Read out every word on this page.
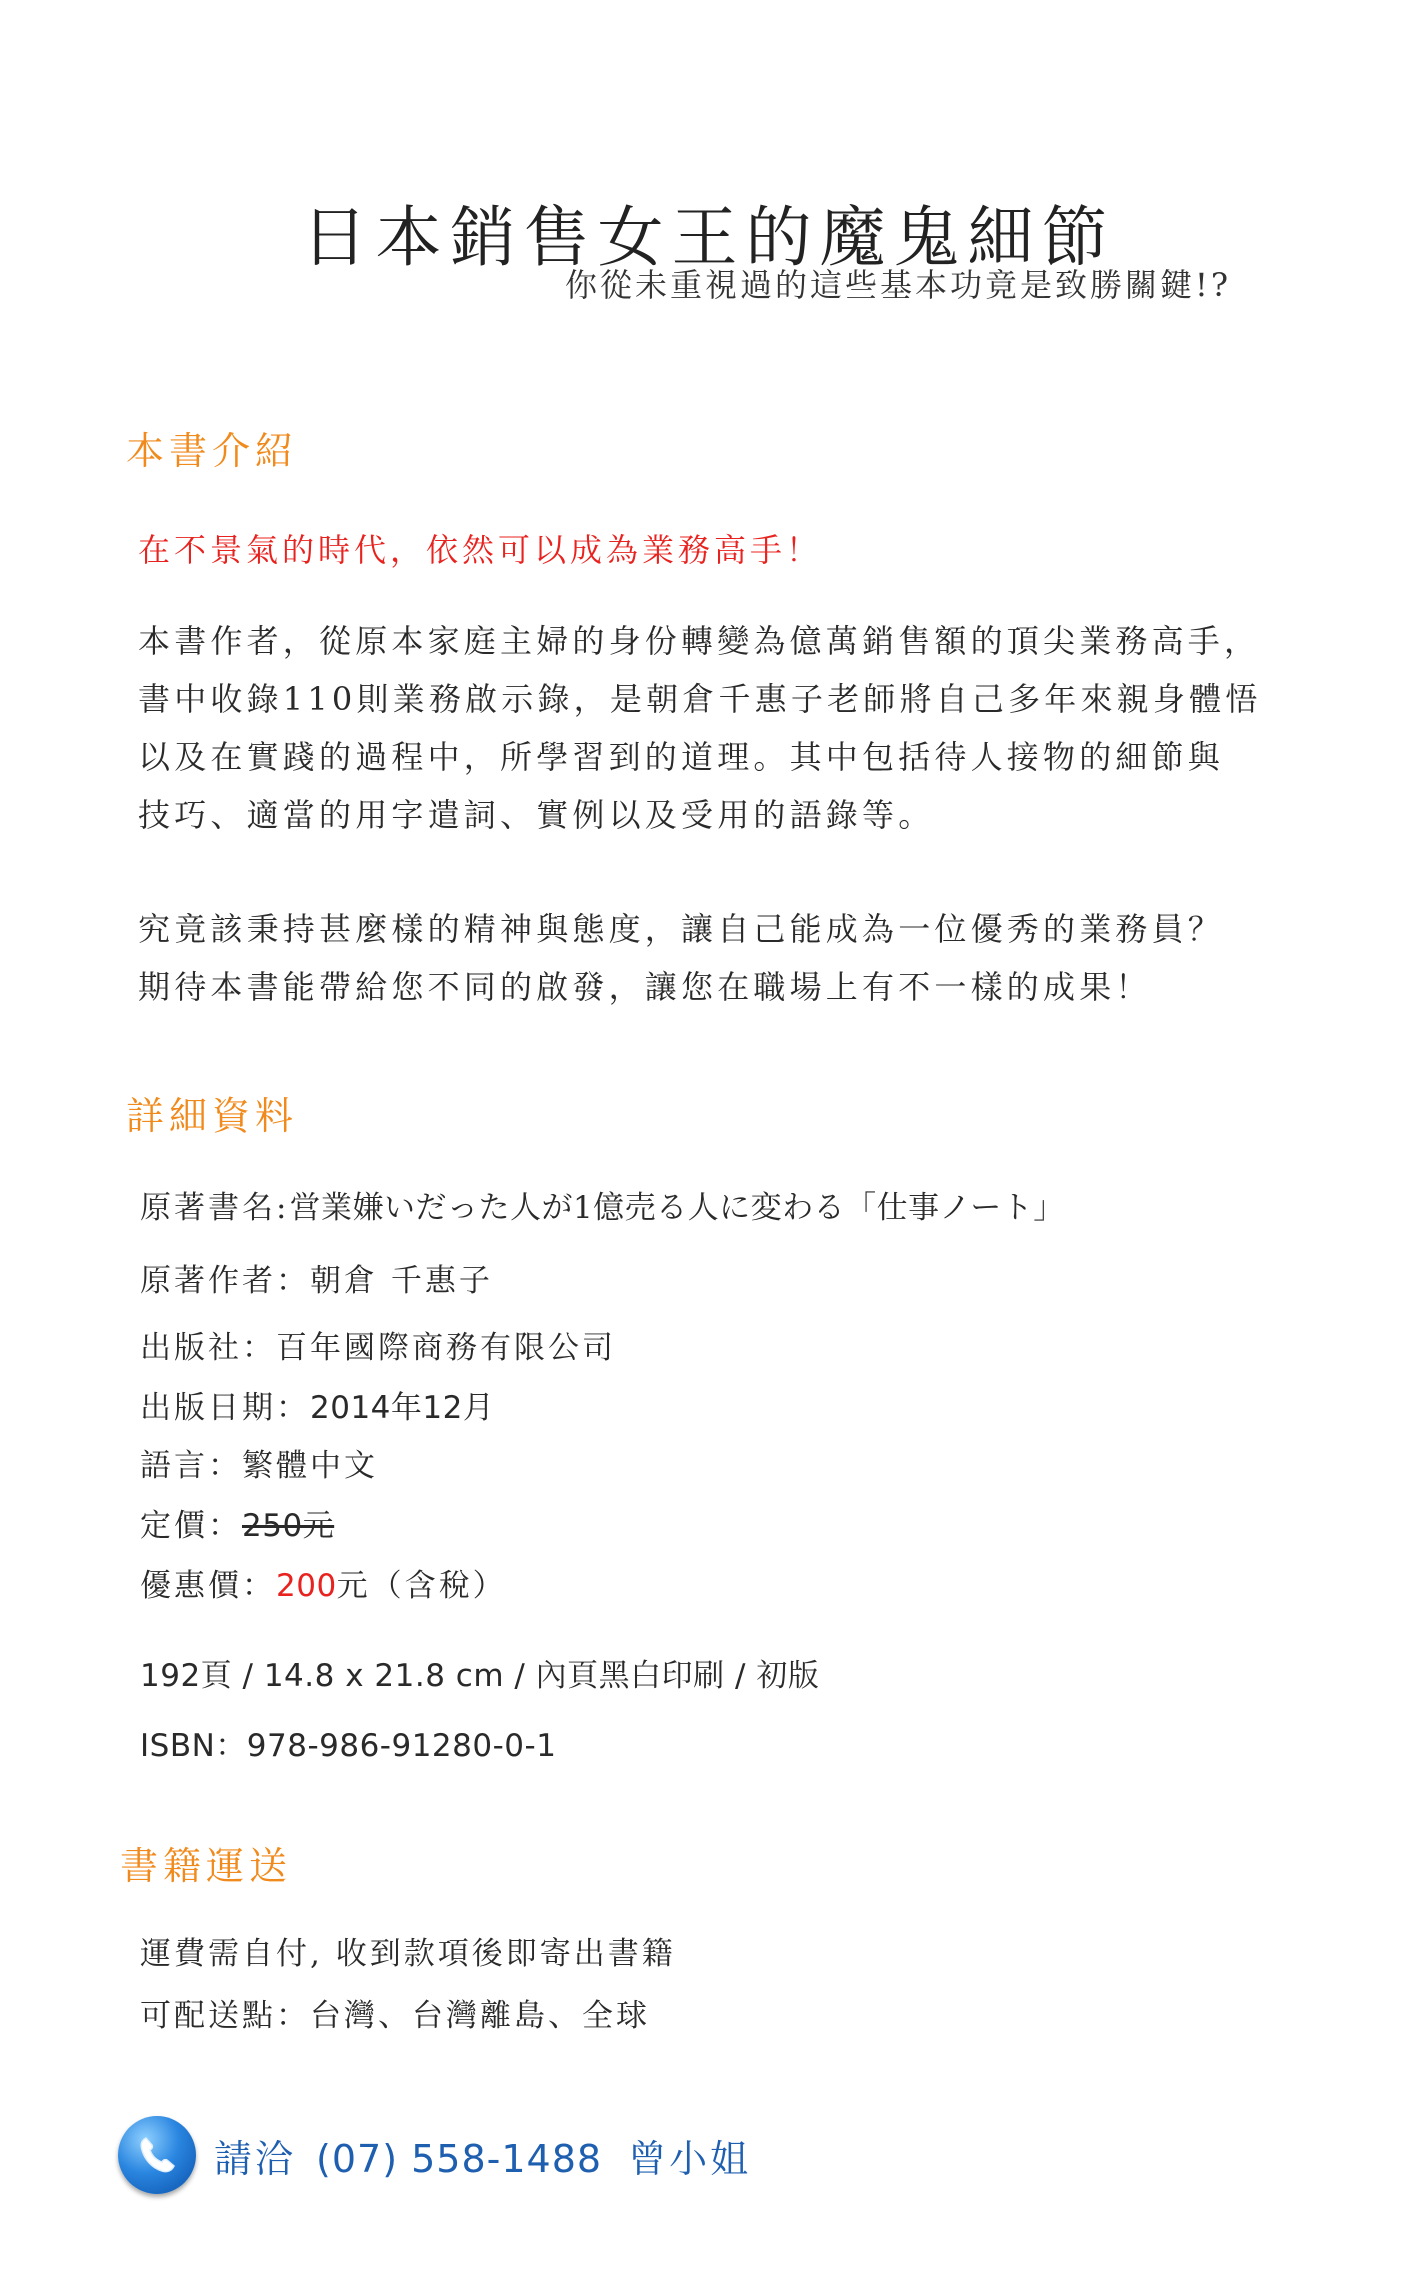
日本銷售女王的魔鬼細節
你從未重視過的這些基本功竟是致勝關鍵!?
本書介紹
在不景氣的時代，依然可以成為業務高手！
本書作者，從原本家庭主婦的身份轉變為億萬銷售額的頂尖業務高手，
書中收錄110則業務啟示錄，是朝倉千惠子老師將自己多年來親身體悟
以及在實踐的過程中，所學習到的道理。其中包括待人接物的細節與
技巧、適當的用字遣詞、實例以及受用的語錄等。
究竟該秉持甚麼樣的精神與態度，讓自己能成為一位優秀的業務員？
期待本書能帶給您不同的啟發，讓您在職場上有不一樣的成果！
詳細資料
原著書名:営業嫌いだった人が1億売る人に変わる「仕事ノート」
原著作者：朝倉 千惠子
出版社：百年國際商務有限公司
出版日期：2014年12月
語言：繁體中文
定價：250元
優惠價：200元（含稅）
192頁 / 14.8 x 21.8 cm / 內頁黑白印刷 / 初版
ISBN：978-986-91280-0-1
書籍運送
運費需自付, 收到款項後即寄出書籍
可配送點：台灣、台灣離島、全球
請洽 (07) 558-1488 曾小姐
